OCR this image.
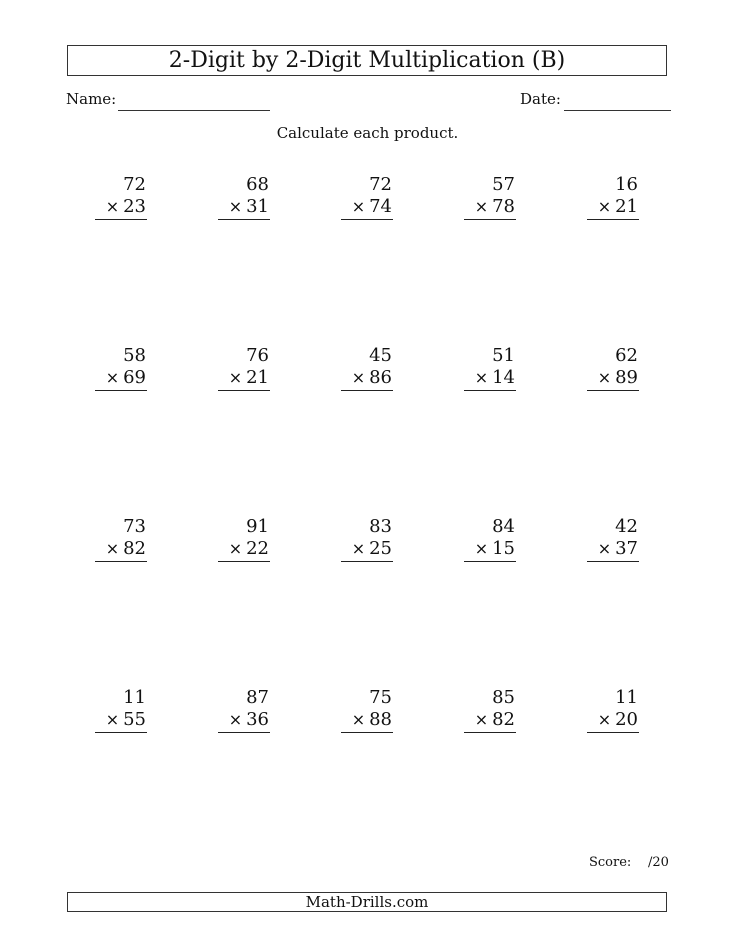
2-Digit by 2-Digit Multiplication (B)
Name:	Date:
Calculate each product.
72
× 23
68
× 31
72
× 74
57
× 78
16
× 21
58
× 69
76
× 21
45
× 86
51
× 14
62
× 89
73
× 82
91
× 22
83
× 25
84
× 15
42
× 37
11
× 55
87
× 36
75
× 88
85
× 82
11
× 20
Score: /20
Math-Drills.com
